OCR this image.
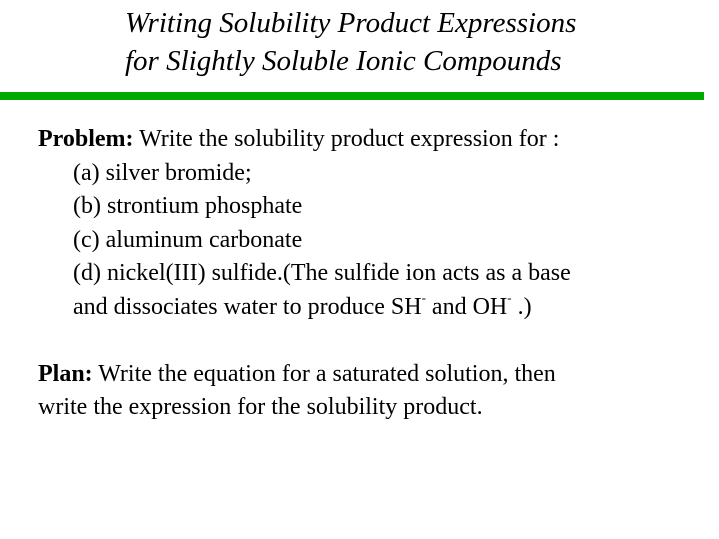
Writing Solubility Product Expressions
for Slightly Soluble Ionic Compounds
Problem: Write the solubility product expression for :
(a) silver bromide;
(b) strontium phosphate
(c) aluminum carbonate
(d) nickel(III) sulfide.(The sulfide ion acts as a base
and dissociates water to produce SH- and OH- .)
Plan: Write the equation for a saturated solution, then
write the expression for the solubility product.
